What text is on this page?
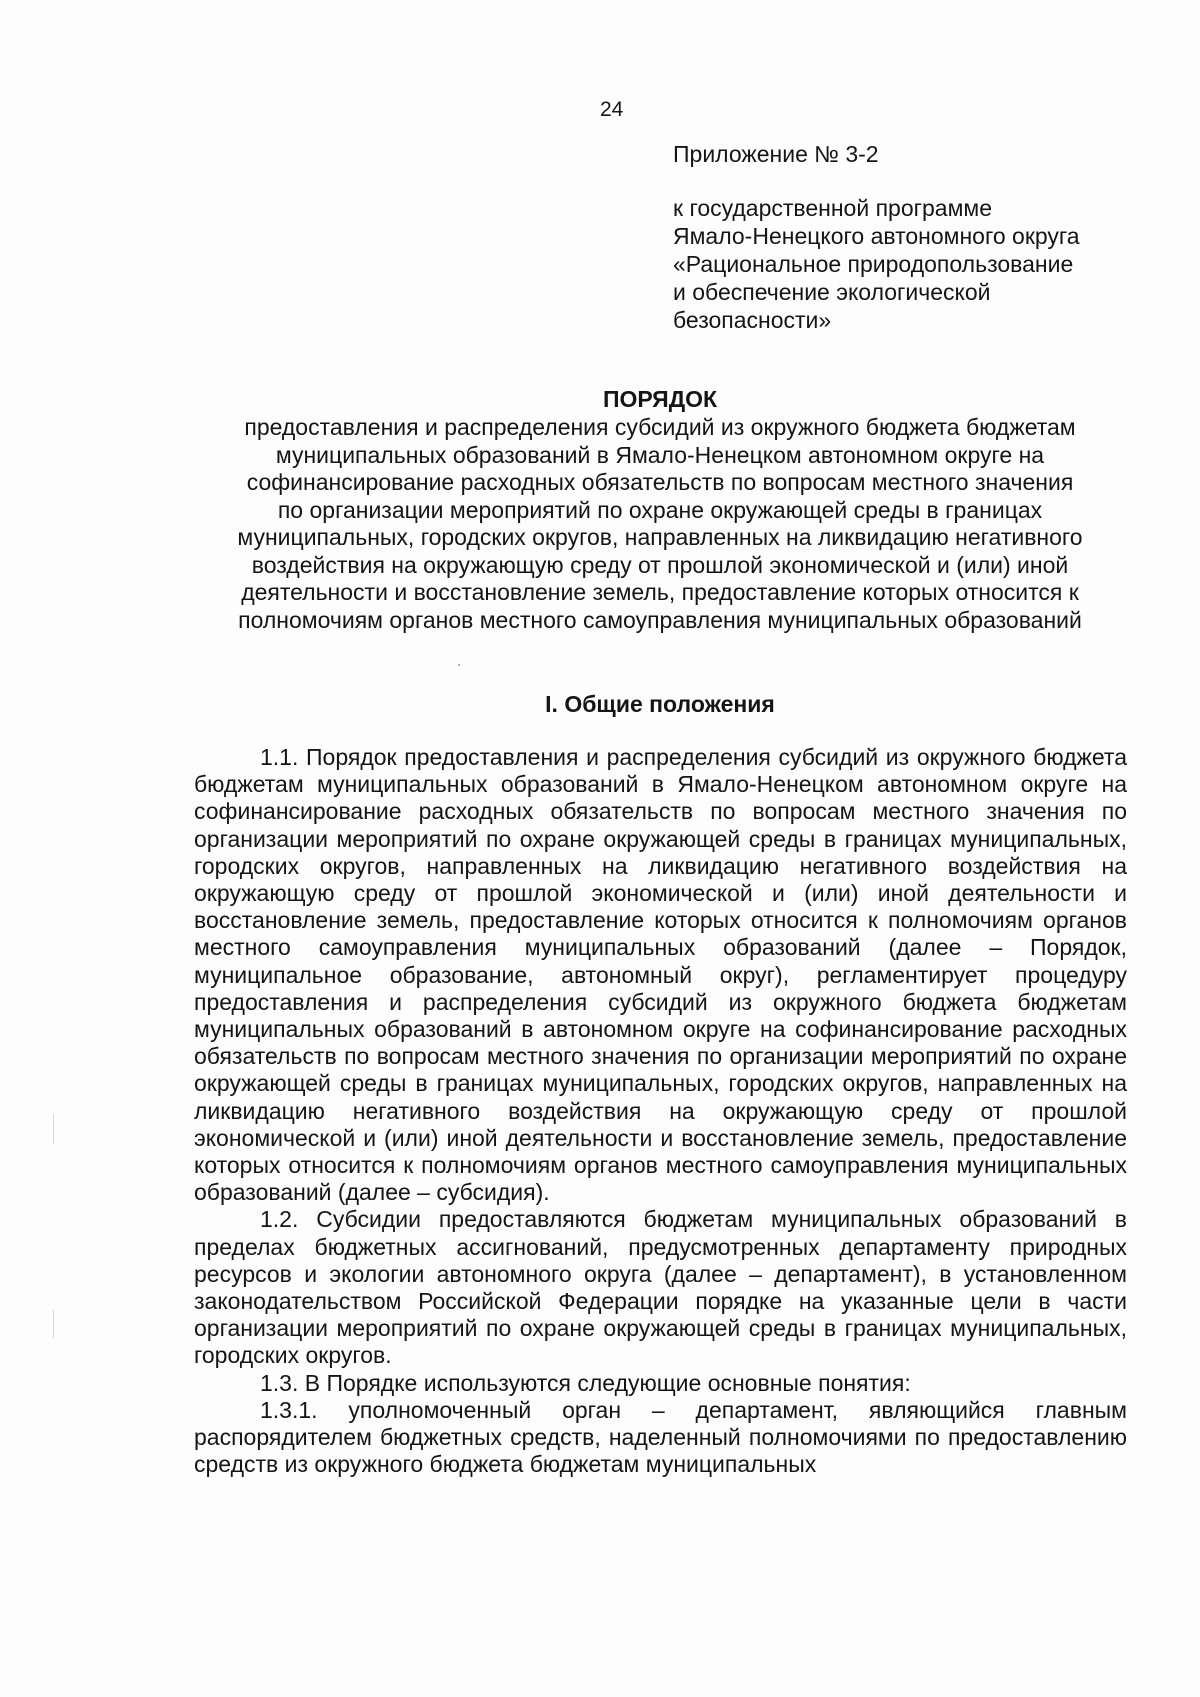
24
Приложение № 3-2
к государственной программе
Ямало-Ненецкого автономного округа
«Рациональное природопользование
и обеспечение экологической
безопасности»
ПОРЯДОК
предоставления и распределения субсидий из окружного бюджета бюджетам
муниципальных образований в Ямало-Ненецком автономном округе на
софинансирование расходных обязательств по вопросам местного значения
по организации мероприятий по охране окружающей среды в границах
муниципальных, городских округов, направленных на ликвидацию негативного
воздействия на окружающую среду от прошлой экономической и (или) иной
деятельности и восстановление земель, предоставление которых относится к
полномочиям органов местного самоуправления муниципальных образований
I. Общие положения

1.1. Порядок предоставления и распределения субсидий из окружного бюджета бюджетам муниципальных образований в Ямало-Ненецком автономном округе на софинансирование расходных обязательств по вопросам местного значения по организации мероприятий по охране окружающей среды в границах муниципальных, городских округов, направленных на ликвидацию негативного воздействия на окружающую среду от прошлой экономической и (или) иной деятельности и восстановление земель, предоставление которых относится к полномочиям органов местного самоуправления муниципальных образований (далее – Порядок, муниципальное образование, автономный округ), регламентирует процедуру предоставления и распределения субсидий из окружного бюджета бюджетам муниципальных образований в автономном округе на софинансирование расходных обязательств по вопросам местного значения по организации мероприятий по охране окружающей среды в границах муниципальных, городских округов, направленных на ликвидацию негативного воздействия на окружающую среду от прошлой экономической и (или) иной деятельности и восстановление земель, предоставление которых относится к полномочиям органов местного самоуправления муниципальных образований (далее – субсидия).

1.2. Субсидии предоставляются бюджетам муниципальных образований в пределах бюджетных ассигнований, предусмотренных департаменту природных ресурсов и экологии автономного округа (далее – департамент), в установленном законодательством Российской Федерации порядке на указанные цели в части организации мероприятий по охране окружающей среды в границах муниципальных, городских округов.

1.3. В Порядке используются следующие основные понятия:

1.3.1. уполномоченный орган – департамент, являющийся главным распорядителем бюджетных средств, наделенный полномочиями по предоставлению средств из окружного бюджета бюджетам муниципальных
